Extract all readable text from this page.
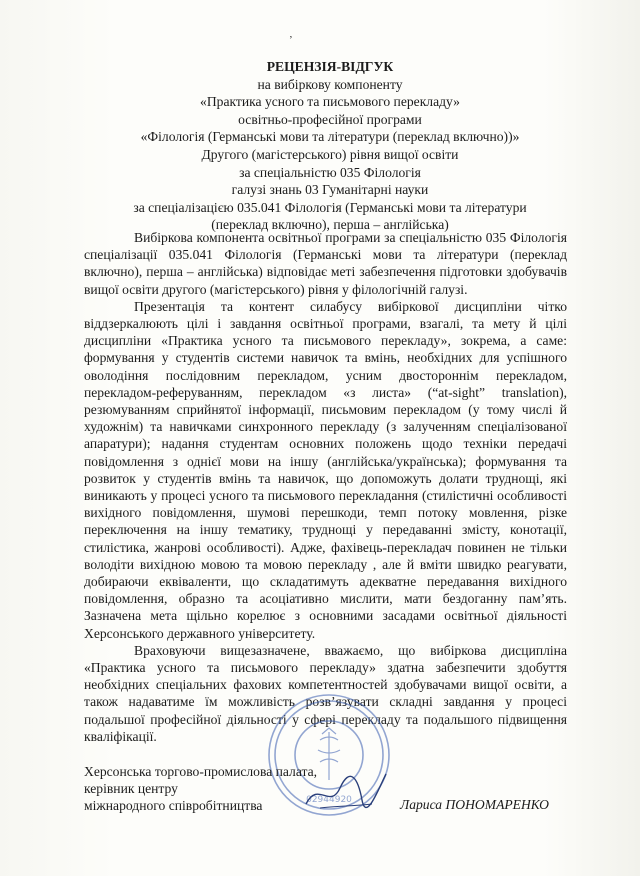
ʼ
РЕЦЕНЗІЯ-ВІДГУК
на вибіркову компоненту
«Практика усного та письмового перекладу»
освітньо-професійної програми
«Філологія (Германські мови та літератури (переклад включно))»
Другого (магістерського) рівня вищої освіти
за спеціальністю 035 Філологія
галузі знань 03 Гуманітарні науки
за спеціалізацією 035.041 Філологія (Германські мови та літератури
(переклад включно), перша – англійська)

Вибіркова компонента освітньої програми за спеціальністю 035 Філологія спеціалізації 035.041 Філологія (Германські мови та літератури (переклад включно), перша – англійська) відповідає меті забезпечення підготовки здобувачів вищої освіти другого (магістерського) рівня у філологічній галузі.

Презентація та контент силабусу вибіркової дисципліни чітко віддзеркалюють цілі і завдання освітньої програми, взагалі, та мету й цілі дисципліни «Практика усного та письмового перекладу», зокрема, а саме: формування у студентів системи навичок та вмінь, необхідних для успішного оволодіння послідовним перекладом, усним двостороннім перекладом, перекладом-реферуванням, перекладом «з листа» (“at-sight” translation), резюмуванням сприйнятої інформації, письмовим перекладом (у тому числі й художнім) та навичками синхронного перекладу (з залученням спеціалізованої апаратури); надання студентам основних положень щодо техніки передачі повідомлення з однієї мови на іншу (англійська/українська); формування та розвиток у студентів вмінь та навичок, що допоможуть долати труднощі, які виникають у процесі усного та письмового перекладання (стилістичні особливості вихідного повідомлення, шумові перешкоди, темп потоку мовлення, різке переключення на іншу тематику, труднощі у передаванні змісту, конотації, стилістика, жанрові особливості). Адже, фахівець-перекладач повинен не тільки володіти вихідною мовою та мовою перекладу , але й вміти швидко реагувати, добираючи еквіваленти, що складатимуть адекватне передавання вихідного повідомлення, образно та асоціативно мислити, мати бездоганну пам’ять. Зазначена мета щільно корелює з основними засадами освітньої діяльності Херсонського державного університету.

Враховуючи вищезазначене, вважаємо, що вибіркова дисципліна «Практика усного та письмового перекладу» здатна забезпечити здобуття необхідних спеціальних фахових компетентностей здобувачами вищої освіти, а також надаватиме їм можливість розв’язувати складні завдання у процесі подальшої професійної діяльності у сфері перекладу та подальшого підвищення кваліфікації.

02944920
Херсонська торгово-промислова палата,
керівник центру
міжнародного співробітництва	Лариса ПОНОМАРЕНКО
